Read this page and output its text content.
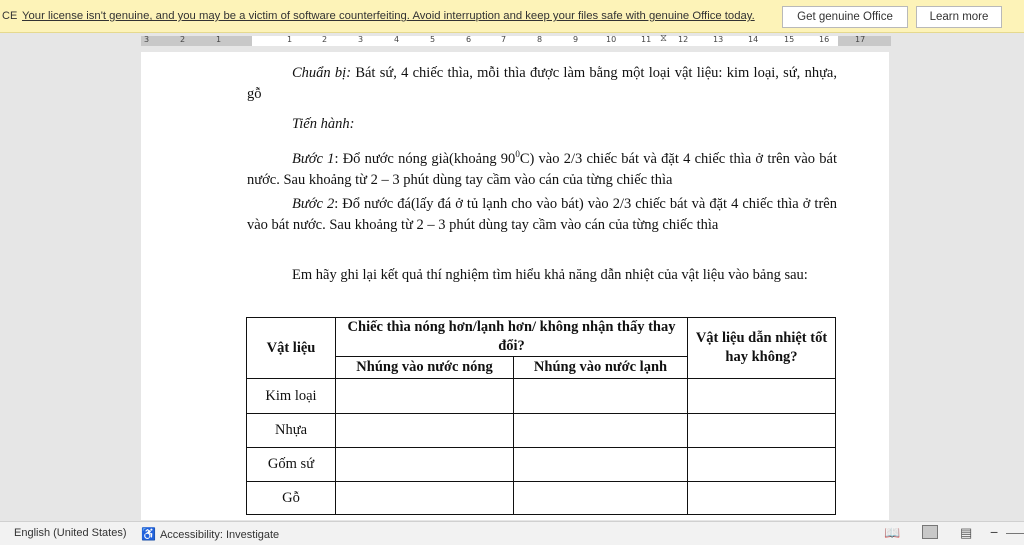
CE Your license isn't genuine, and you may be a victim of software counterfeiting. Avoid interruption and keep your files safe with genuine Office today.	Get genuine Office	Learn more
3	2	1	1	2	3	4	5	6	7	8	9	10	11 ⧖ 12	13	14	15	16	17

Chuẩn bị: Bát sứ, 4 chiếc thìa, mỗi thìa được làm bằng một loại vật liệu: kim loại, sứ, nhựa, gỗ

Tiến hành:

Bước 1: Đổ nước nóng già(khoảng $90^0C$) vào 2/3 chiếc bát và đặt 4 chiếc thìa ở trên vào bát nước. Sau khoảng từ 2 – 3 phút dùng tay cầm vào cán của từng chiếc thìa

Bước 2: Đổ nước đá(lấy đá ở tủ lạnh cho vào bát) vào 2/3 chiếc bát và đặt 4 chiếc thìa ở trên vào bát nước. Sau khoảng từ 2 – 3 phút dùng tay cầm vào cán của từng chiếc thìa

Em hãy ghi lại kết quả thí nghiệm tìm hiểu khả năng dẫn nhiệt của vật liệu vào bảng sau:

Vật liệu	Chiếc thìa nóng hơn/lạnh hơn/ không nhận thấy thay đổi?		Vật liệu dẫn nhiệt tốt hay không?
	Nhúng vào nước nóng	Nhúng vào nước lạnh	
Kim loại			
Nhựa			
Gốm sứ			
Gỗ			
English (United States) ♿ Accessibility: Investigate	📖	▤ −
